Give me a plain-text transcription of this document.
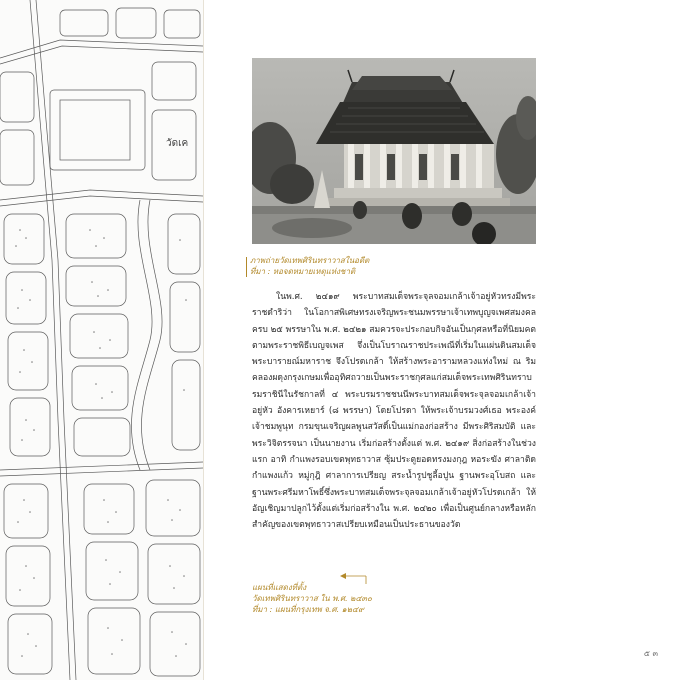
วัดเค
ภาพถ่ายวัดเทพศิรินทราวาสในอดีต
ที่มา : หอจดหมายเหตุแห่งชาติ

ในพ.ศ. ๒๔๑๙ พระบาทสมเด็จพระจุลจอมเกล้าเจ้าอยู่หัวทรงมีพระราชดำริว่า ในโอกาสพิเศษทรงเจริญพระชนมพรรษาเจ้าเทพบูญจเพศสมงคลครบ ๒๕ พรรษาใน พ.ศ. ๒๔๒๑ สมควรจะประกอบกิจอันเป็นกุศลหรือที่นิยมคตตามพระราชพิธีเบญจเพส จึ่งเป็นโบราณราชประเพณีที่เริ่มในแผ่นดินสมเด็จพระบารายณ์มหาราช จึงโปรดเกล้า ให้สร้างพระอารามหลวงแห่งใหม่ ณ ริมคลองผดุงกรุงเกษมเพื่ออุทิศถวายเป็นพระราชกุศลแก่สมเด็จพระเทพศิรินทราบรมราชินีในรัชกาลที่ ๔ พระบรมราชชนนีพระบาทสมเด็จพระจุลจอมเกล้าเจ้าอยู่หัว อังคารเหยาร์ (๘ พรรษา) โดยโปรดา ให้พระเจ้าบรมวงศ์เธอ พระองค์เจ้าชมพูนุท กรมขุนเจริญผลพูนสวัสดิ์เป็นแม่กองก่อสร้าง มีพระศิริสมบัติ และพระวิจิตรรจนา เป็นนายงาน เริ่มก่อสร้างตั้งแต่ พ.ศ. ๒๔๑๙ สิ่งก่อสร้างในช่วงแรก อาทิ กำแพงรอบเขตพุทธาวาส ซุ้มประตูยอดทรงมงกุฎ หอระฆัง ศาลาติดกำแพงแก้ว หมู่กุฎิ ศาลาการเปรียญ สระน้ำรูปชูลี้อปูน ฐานพระอุโบสถ และฐานพระศรีมหาโพธิ์ซึ่งพระบาทสมเด็จพระจุลจอมเกล้าเจ้าอยู่หัวโปรดเกล้า ให้อัญเชิญมาปลูกไว้ตั้งแต่เริ่มก่อสร้างใน พ.ศ. ๒๔๒๐ เพื่อเป็นศูนย์กลางหรือหลักสำคัญของเขตพุทธาวาสเปรียบเหมือนเป็นประธานของวัด

แผนที่แสดงที่ตั้ง
วัดเทพศิรินทราวาส ใน พ.ศ. ๒๔๓๐
ที่มา : แผนที่กรุงเทพ จ.ศ. ๑๒๔๙
๕ ๓
